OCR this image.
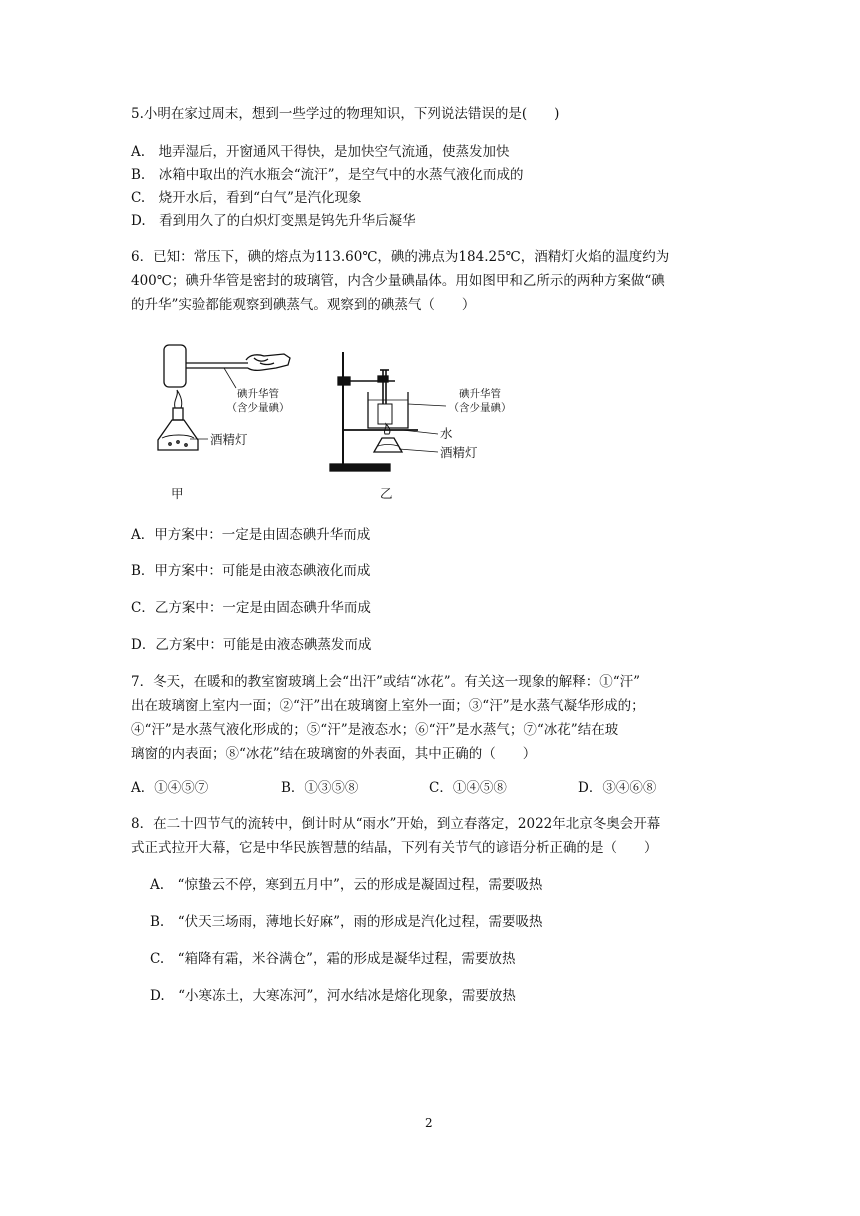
5.小明在家过周末，想到一些学过的物理知识，下列说法错误的是(　　)
A.　地弄湿后，开窗通风干得快，是加快空气流通，使蒸发加快
B.　冰箱中取出的汽水瓶会“流汗”，是空气中的水蒸气液化而成的
C.　烧开水后，看到“白气”是汽化现象
D.　看到用久了的白炽灯变黑是钨先升华后凝华
6．已知：常压下，碘的熔点为113.60℃，碘的沸点为184.25℃，酒精灯火焰的温度约为
400℃；碘升华管是密封的玻璃管，内含少量碘晶体。用如图甲和乙所示的两种方案做“碘
的升华”实验都能观察到碘蒸气。观察到的碘蒸气（　　）
碘升华管
（含少量碘）
酒精灯
甲
碘升华管
（含少量碘）
水
酒精灯
乙
A．甲方案中：一定是由固态碘升华而成
B．甲方案中：可能是由液态碘液化而成
C．乙方案中：一定是由固态碘升华而成
D．乙方案中：可能是由液态碘蒸发而成
7．冬天，在暖和的教室窗玻璃上会“出汗”或结“冰花”。有关这一现象的解释：①“汗”
出在玻璃窗上室内一面；②“汗”出在玻璃窗上室外一面；③“汗”是水蒸气凝华形成的；
④“汗”是水蒸气液化形成的；⑤“汗”是液态水；⑥“汗”是水蒸气；⑦“冰花”结在玻
璃窗的内表面；⑧“冰花”结在玻璃窗的外表面，其中正确的（　　）
A．①④⑤⑦	B．①③⑤⑧	C．①④⑤⑧	D．③④⑥⑧
8．在二十四节气的流转中，倒计时从“雨水”开始，到立春落定，2022年北京冬奥会开幕
式正式拉开大幕，它是中华民族智慧的结晶，下列有关节气的谚语分析正确的是（　　）
A.　“惊蛰云不停，寒到五月中”，云的形成是凝固过程，需要吸热
B.　“伏天三场雨，薄地长好麻”，雨的形成是汽化过程，需要吸热
C.　“箱降有霜，米谷满仓”，霜的形成是凝华过程，需要放热
D.　“小寒冻土，大寒冻河”，河水结冰是熔化现象，需要放热
2
